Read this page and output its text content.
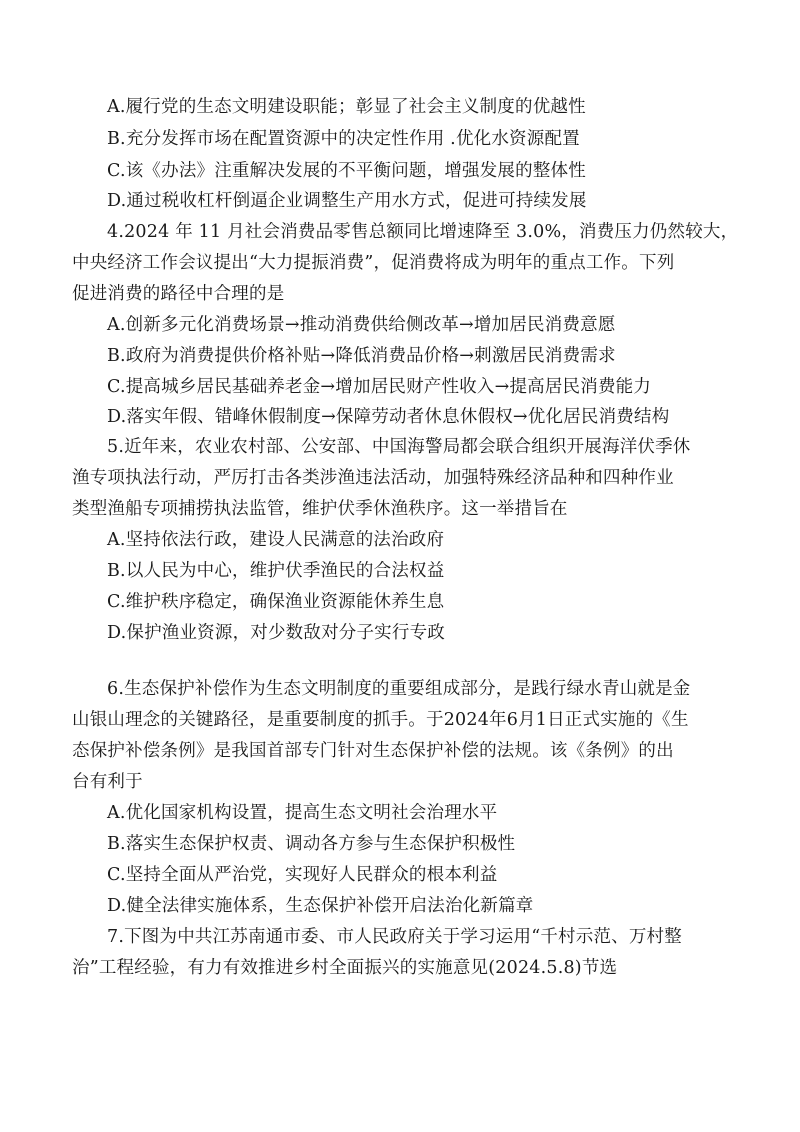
A.履行党的生态文明建设职能；彰显了社会主义制度的优越性
B.充分发挥市场在配置资源中的决定性作用 .优化水资源配置
C.该《办法》注重解决发展的不平衡问题，增强发展的整体性
D.通过税收杠杆倒逼企业调整生产用水方式，促进可持续发展
4.2024 年 11 月社会消费品零售总额同比增速降至 3.0%，消费压力仍然较大，
中央经济工作会议提出“大力提振消费”，促消费将成为明年的重点工作。下列
促进消费的路径中合理的是
A.创新多元化消费场景→推动消费供给侧改革→增加居民消费意愿
B.政府为消费提供价格补贴→降低消费品价格→刺激居民消费需求
C.提高城乡居民基础养老金→增加居民财产性收入→提高居民消费能力
D.落实年假、错峰休假制度→保障劳动者休息休假权→优化居民消费结构
5.近年来，农业农村部、公安部、中国海警局都会联合组织开展海洋伏季休
渔专项执法行动，严厉打击各类涉渔违法活动，加强特殊经济品种和四种作业
类型渔船专项捕捞执法监管，维护伏季休渔秩序。这一举措旨在
A.坚持依法行政，建设人民满意的法治政府
B.以人民为中心，维护伏季渔民的合法权益
C.维护秩序稳定，确保渔业资源能休养生息
D.保护渔业资源，对少数敌对分子实行专政
6.生态保护补偿作为生态文明制度的重要组成部分，是践行绿水青山就是金
山银山理念的关键路径，是重要制度的抓手。于2024年6月1日正式实施的《生
态保护补偿条例》是我国首部专门针对生态保护补偿的法规。该《条例》的出
台有利于
A.优化国家机构设置，提高生态文明社会治理水平
B.落实生态保护权责、调动各方参与生态保护积极性
C.坚持全面从严治党，实现好人民群众的根本利益
D.健全法律实施体系，生态保护补偿开启法治化新篇章
7.下图为中共江苏南通市委、市人民政府关于学习运用“千村示范、万村整
治”工程经验，有力有效推进乡村全面振兴的实施意见(2024.5.8)节选
